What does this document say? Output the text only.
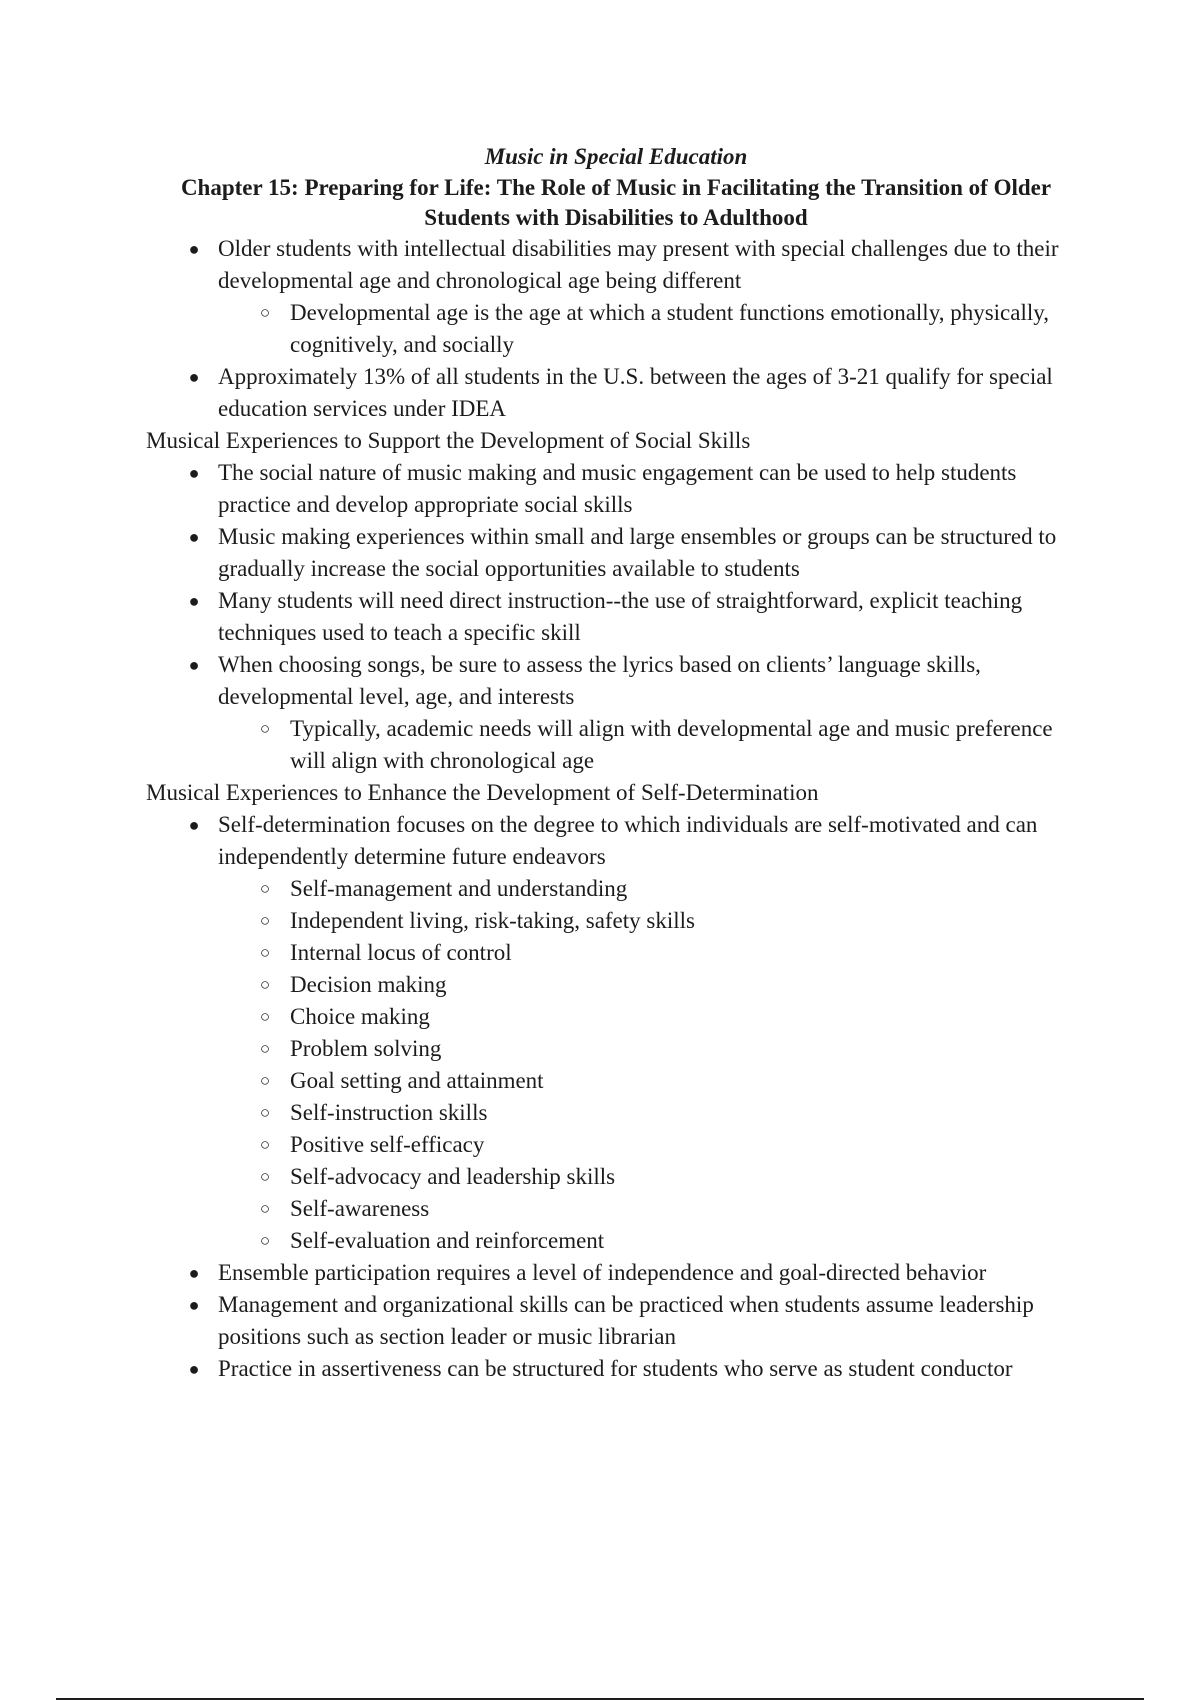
Music in Special Education

Chapter 15: Preparing for Life: The Role of Music in Facilitating the Transition of Older
Students with Disabilities to Adulthood

● Older students with intellectual disabilities may present with special challenges due to their developmental age and chronological age being different
○ Developmental age is the age at which a student functions emotionally, physically, cognitively, and socially
● Approximately 13% of all students in the U.S. between the ages of 3-21 qualify for special education services under IDEA

Musical Experiences to Support the Development of Social Skills

● The social nature of music making and music engagement can be used to help students practice and develop appropriate social skills
● Music making experiences within small and large ensembles or groups can be structured to gradually increase the social opportunities available to students
● Many students will need direct instruction--the use of straightforward, explicit teaching techniques used to teach a specific skill
● When choosing songs, be sure to assess the lyrics based on clients’ language skills, developmental level, age, and interests
○ Typically, academic needs will align with developmental age and music preference will align with chronological age

Musical Experiences to Enhance the Development of Self-Determination

● Self-determination focuses on the degree to which individuals are self-motivated and can independently determine future endeavors
○ Self-management and understanding
○ Independent living, risk-taking, safety skills
○ Internal locus of control
○ Decision making
○ Choice making
○ Problem solving
○ Goal setting and attainment
○ Self-instruction skills
○ Positive self-efficacy
○ Self-advocacy and leadership skills
○ Self-awareness
○ Self-evaluation and reinforcement
● Ensemble participation requires a level of independence and goal-directed behavior
● Management and organizational skills can be practiced when students assume leadership positions such as section leader or music librarian
● Practice in assertiveness can be structured for students who serve as student conductor
